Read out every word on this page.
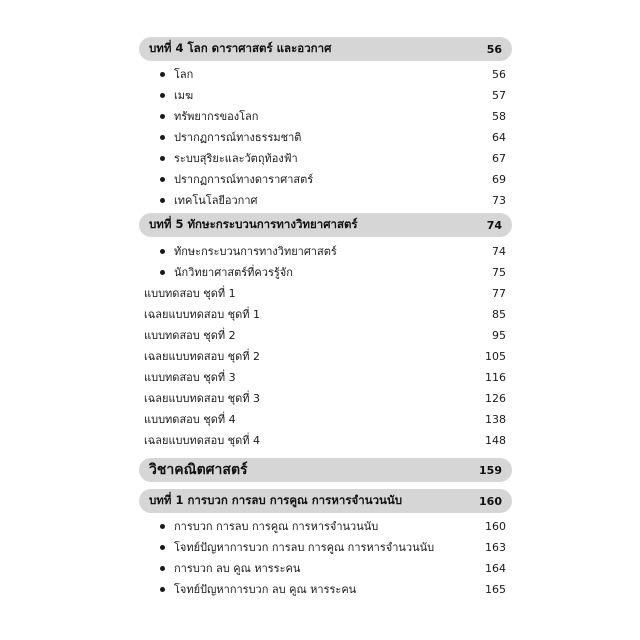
บทที่ 4 โลก ดาราศาสตร์ และอวกาศ	56
โลก	56
เมฆ	57
ทรัพยากรของโลก	58
ปรากฏการณ์ทางธรรมชาติ	64
ระบบสุริยะและวัตถุท้องฟ้า	67
ปรากฏการณ์ทางดาราศาสตร์	69
เทคโนโลยีอวกาศ	73
บทที่ 5 ทักษะกระบวนการทางวิทยาศาสตร์	74
ทักษะกระบวนการทางวิทยาศาสตร์	74
นักวิทยาศาสตร์ที่ควรรู้จัก	75
แบบทดสอบ ชุดที่ 1	77
เฉลยแบบทดสอบ ชุดที่ 1	85
แบบทดสอบ ชุดที่ 2	95
เฉลยแบบทดสอบ ชุดที่ 2	105
แบบทดสอบ ชุดที่ 3	116
เฉลยแบบทดสอบ ชุดที่ 3	126
แบบทดสอบ ชุดที่ 4	138
เฉลยแบบทดสอบ ชุดที่ 4	148
วิชาคณิตศาสตร์	159
บทที่ 1 การบวก การลบ การคูณ การหารจำนวนนับ	160
การบวก การลบ การคูณ การหารจำนวนนับ	160
โจทย์ปัญหาการบวก การลบ การคูณ การหารจำนวนนับ	163
การบวก ลบ คูณ หารระคน	164
โจทย์ปัญหาการบวก ลบ คูณ หารระคน	165
